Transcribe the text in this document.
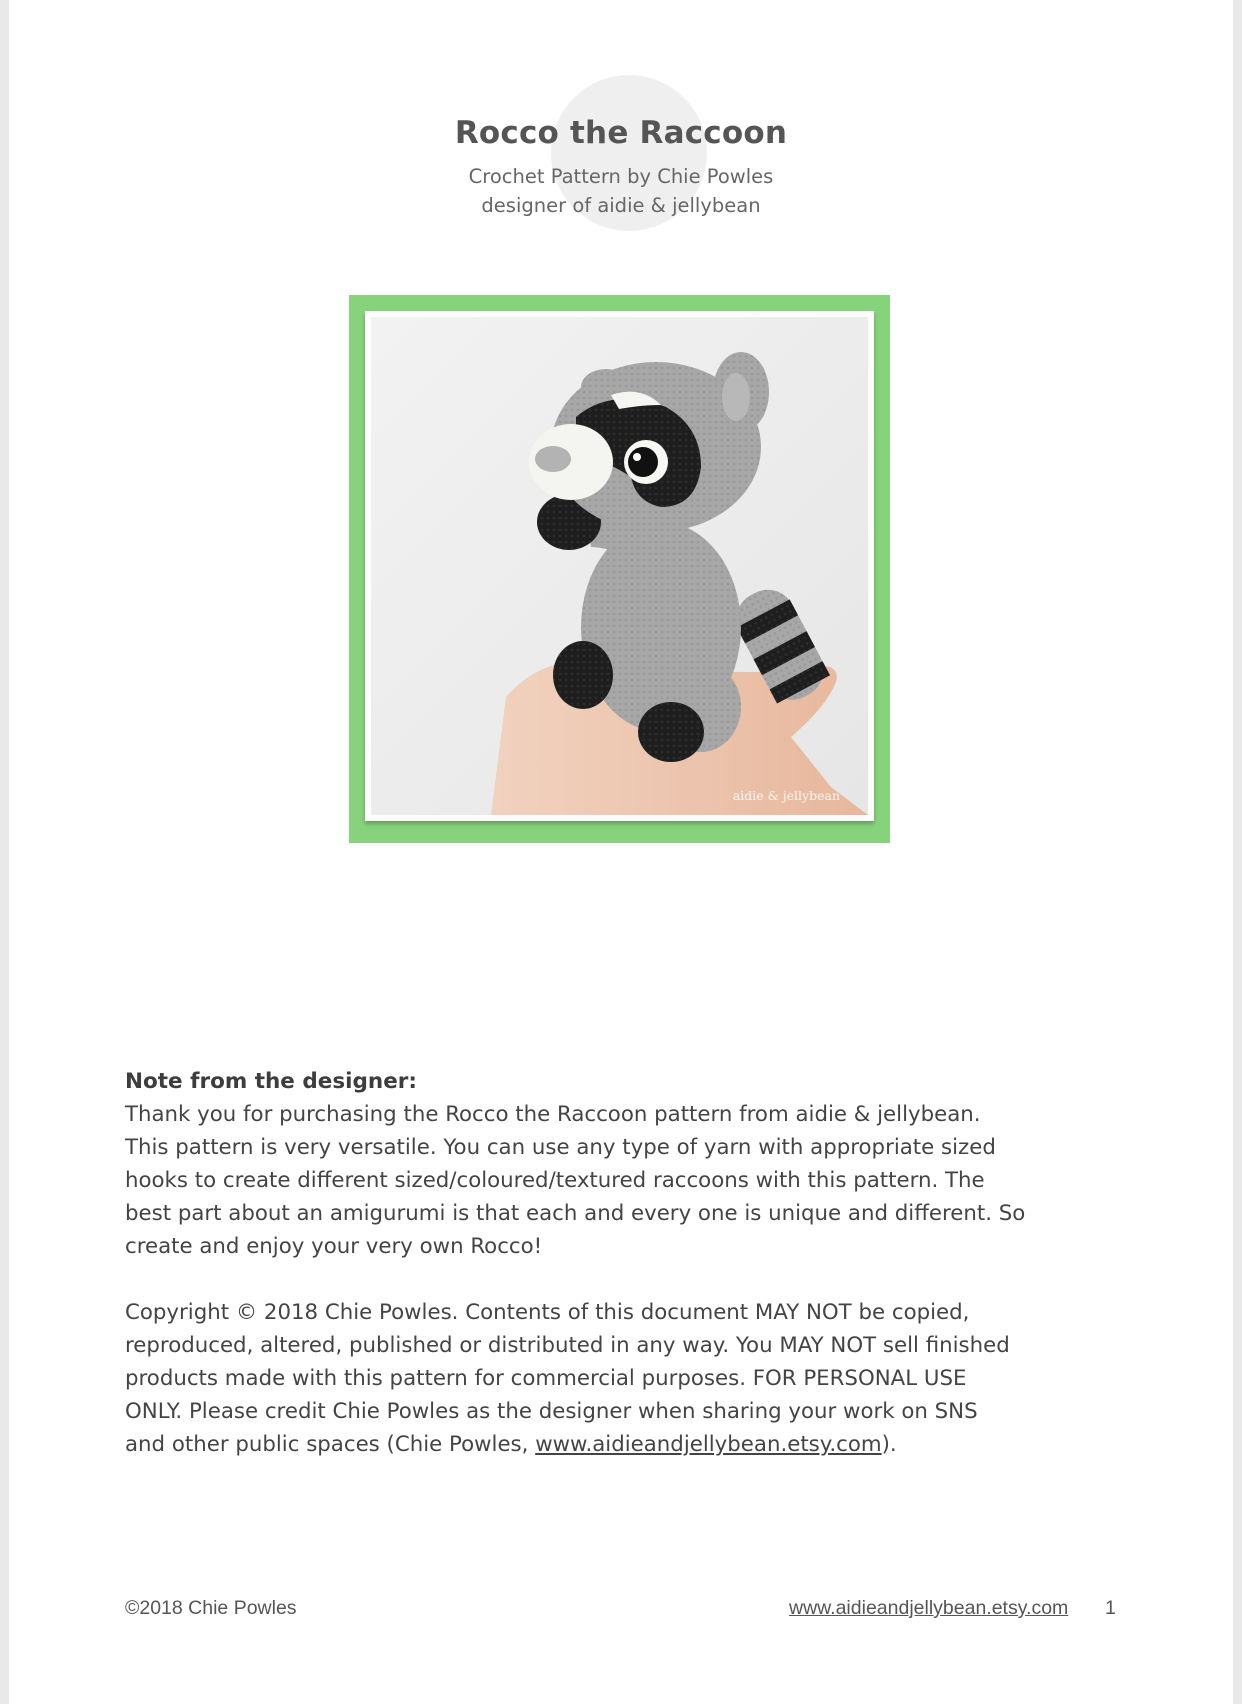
Rocco the Raccoon
Crochet Pattern by Chie Powles
designer of aidie & jellybean
aidie & jellybean
Note from the designer:
Thank you for purchasing the Rocco the Raccoon pattern from aidie & jellybean.
This pattern is very versatile. You can use any type of yarn with appropriate sized
hooks to create different sized/coloured/textured raccoons with this pattern. The
best part about an amigurumi is that each and every one is unique and different. So
create and enjoy your very own Rocco!
Copyright © 2018 Chie Powles. Contents of this document MAY NOT be copied,
reproduced, altered, published or distributed in any way. You MAY NOT sell finished
products made with this pattern for commercial purposes. FOR PERSONAL USE
ONLY. Please credit Chie Powles as the designer when sharing your work on SNS
and other public spaces (Chie Powles, www.aidieandjellybean.etsy.com).
©2018 Chie Powles	www.aidieandjellybean.etsy.com 1
